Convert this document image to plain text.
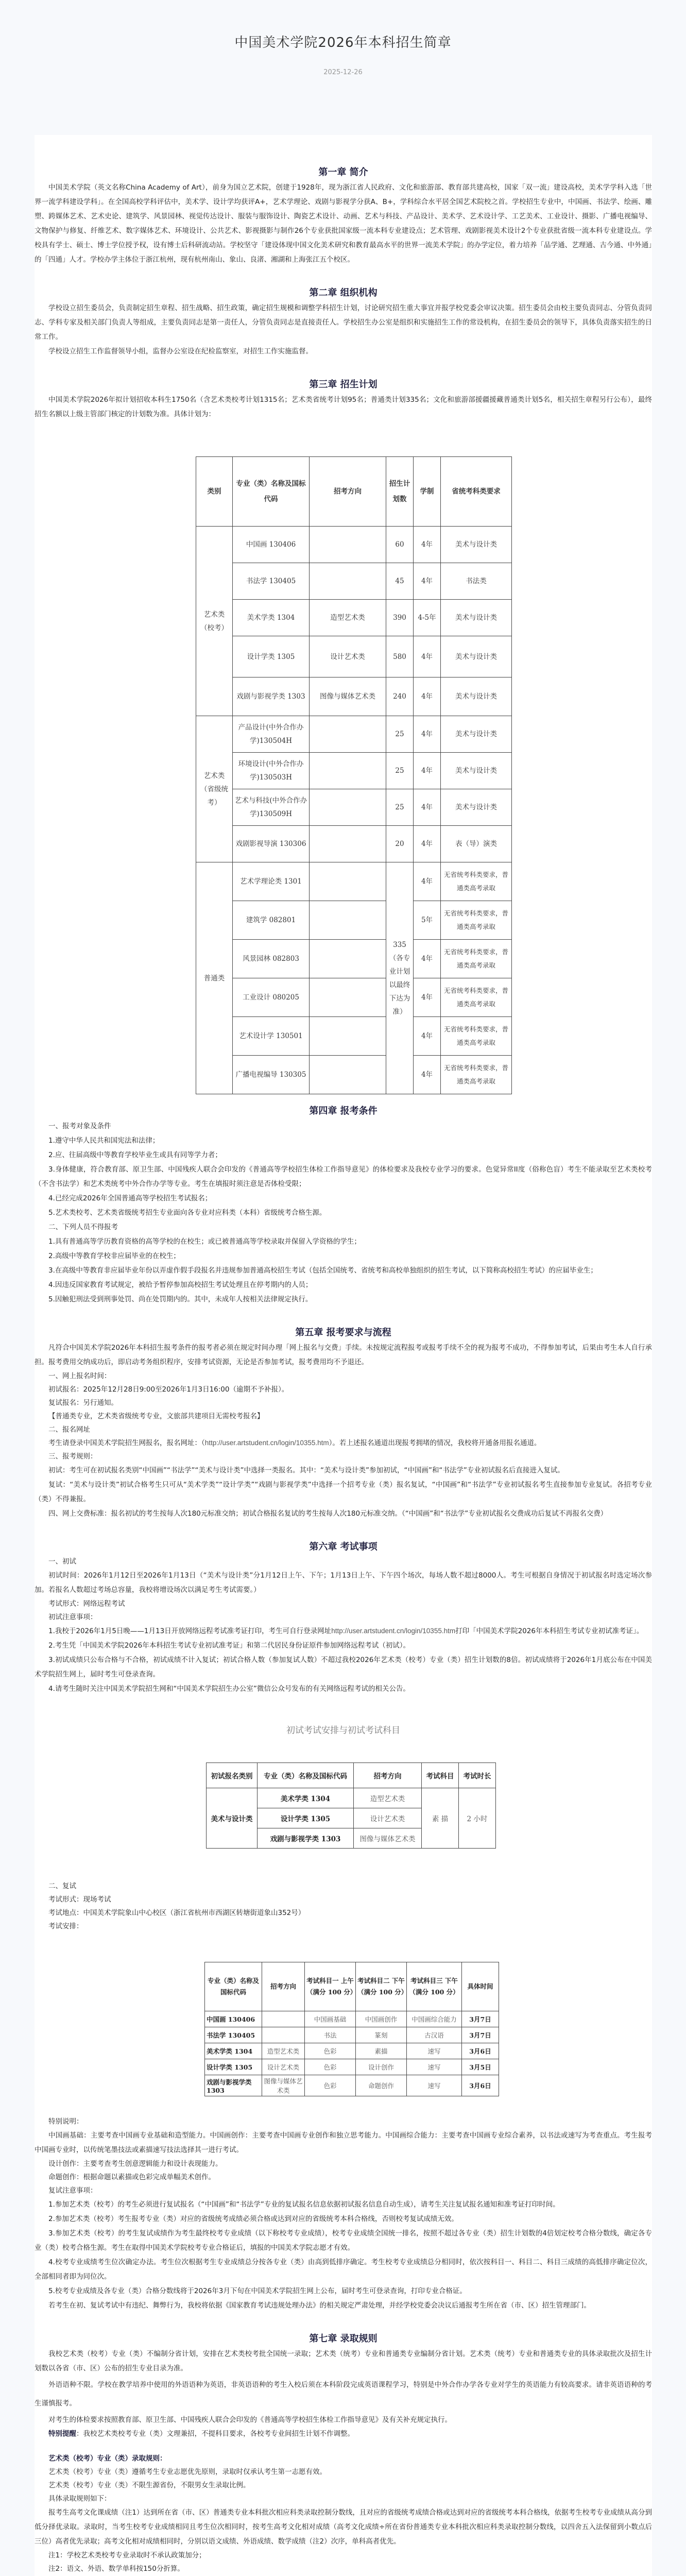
中国美术学院2026年本科招生简章
2025-12-26
第一章 简介

中国美术学院（英文名称China Academy of Art），前身为国立艺术院，创建于1928年，现为浙江省人民政府、文化和旅游部、教育部共建高校，国家「双一流」建设高校，美术学学科入选「世界一流学科建设学科」。在全国高校学科评估中，美术学、设计学均获评A+，艺术学理论、戏剧与影视学分获A、B+，学科综合水平居全国艺术院校之首。学校招生专业中，中国画、书法学、绘画、雕塑、跨媒体艺术、艺术史论、建筑学、风景园林、视觉传达设计、服装与服饰设计、陶瓷艺术设计、动画、艺术与科技、产品设计、美术学、艺术设计学、工艺美术、工业设计、摄影、广播电视编导、文物保护与修复、纤维艺术、数字媒体艺术、环境设计、公共艺术、影视摄影与制作26个专业获批国家级一流本科专业建设点；艺术管理、戏剧影视美术设计2个专业获批省级一流本科专业建设点。学校具有学士、硕士、博士学位授予权，设有博士后科研流动站。学校坚守「建设体现中国文化美术研究和教育最高水平的世界一流美术学院」的办学定位，着力培养「品学通、艺理通、古今通、中外通」的「四通」人才。学校办学主体位于浙江杭州，现有杭州南山、象山、良渚、湘湖和上海张江五个校区。

第二章 组织机构

学校设立招生委员会，负责制定招生章程、招生战略、招生政策，确定招生规模和调整学科招生计划，讨论研究招生重大事宜并报学校党委会审议决策。招生委员会由校主要负责同志、分管负责同志、学科专家及相关部门负责人等组成，主要负责同志是第一责任人，分管负责同志是直接责任人。学校招生办公室是组织和实施招生工作的常设机构，在招生委员会的领导下，具体负责落实招生的日常工作。

学校设立招生工作监督领导小组，监督办公室设在纪检监察室，对招生工作实施监督。

第三章 招生计划

中国美术学院2026年拟计划招收本科生1750名（含艺术类校考计划1315名；艺术类省统考计划95名；普通类计划335名；文化和旅游部援疆援藏普通类计划5名，相关招生章程另行公布），最终招生名额以上级主管部门核定的计划数为准。具体计划为：

类别	专业（类）名称及国标代码	招考方向	招生计划数	学制	省统考科类要求
艺术类（校考）	中国画 130406		60	4年	美术与设计类
	书法学 130405		45	4年	书法类
	美术学类 1304	造型艺术类	390	4-5年	美术与设计类
	设计学类 1305	设计艺术类	580	4年	美术与设计类
	戏剧与影视学类 1303	图像与媒体艺术类	240	4年	美术与设计类
艺术类（省级统考）	产品设计(中外合作办学)130504H		25	4年	美术与设计类
	环境设计(中外合作办学)130503H		25	4年	美术与设计类
	艺术与科技(中外合作办学)130509H		25	4年	美术与设计类
	戏剧影视导演 130306		20	4年	表（导）演类
普通类	艺术学理论类 1301		335（各专业计划以最终下达为准）	4年	无省统考科类要求，普通类高考录取
	建筑学 082801			5年	无省统考科类要求，普通类高考录取
	风景园林 082803			4年	无省统考科类要求，普通类高考录取
	工业设计 080205			4年	无省统考科类要求，普通类高考录取
	艺术设计学 130501			4年	无省统考科类要求，普通类高考录取
	广播电视编导 130305			4年	无省统考科类要求，普通类高考录取
第四章 报考条件

一、报考对象及条件

1.遵守中华人民共和国宪法和法律；

2.应、往届高级中等教育学校毕业生或具有同等学力者；

3.身体健康，符合教育部、原卫生部、中国残疾人联合会印发的《普通高等学校招生体检工作指导意见》的体检要求及我校专业学习的要求。色觉异常II度（俗称色盲）考生不能录取至艺术类校考（不含书法学）和艺术类统考中外合作办学等专业。考生在填报时须注意是否体检受限；

4.已经完成2026年全国普通高等学校招生考试报名；

5.艺术类校考、艺术类省级统考招生专业面向各专业对应科类（本科）省级统考合格生源。

二、下列人员不得报考

1.具有普通高等学历教育资格的高等学校的在校生；或已被普通高等学校录取并保留入学资格的学生；

2.高级中等教育学校非应届毕业的在校生；

3.在高级中等教育非应届毕业年份以弄虚作假手段报名并违规参加普通高校招生考试（包括全国统考、省统考和高校单独组织的招生考试，以下简称高校招生考试）的应届毕业生；

4.因违反国家教育考试规定，被给予暂停参加高校招生考试处理且在停考期内的人员；

5.因触犯刑法受到刑事处罚、尚在处罚期内的。其中，未成年人按相关法律规定执行。

第五章 报考要求与流程

凡符合中国美术学院2026年本科招生报考条件的报考者必须在规定时间办理「网上报名与交费」手续。未按规定流程报考或报考手续不全的视为报考不成功，不得参加考试，后果由考生本人自行承担。报考费用交纳成功后，即启动考务组织程序，安排考试资源，无论是否参加考试，报考费用均不予退还。

一、网上报名时间：

初试报名：2025年12月28日9:00至2026年1月3日16:00（逾期不予补报）。

复试报名：另行通知。

【普通类专业，艺术类省级统考专业，文旅部共建项目无需校考报名】

二、报名网址

考生请登录中国美术学院招生网报名，报名网址：（http://user.artstudent.cn/login/10355.htm）。若上述报名通道出现报考拥堵的情况，我校将开通备用报名通道。

三、报考规则：

初试：考生可在初试报名类别“中国画”“书法学”“美术与设计类”中选择一类报名。其中：“美术与设计类”参加初试，“中国画”和“书法学”专业初试报名后直接进入复试。

复试：“美术与设计类”初试合格考生只可从“美术学类”“设计学类”“戏剧与影视学类”中选择一个招考专业（类）报名复试，“中国画”和“书法学”专业初试报名考生直接参加专业复试。各招考专业（类）不得兼报。

四、网上交费标准：报名初试的考生按每人次180元标准交纳；初试合格报名复试的考生按每人次180元标准交纳。（“中国画”和“书法学”专业初试报名交费成功后复试不再报名交费）

第六章 考试事项

一、初试

初试时间：2026年1月12日至2026年1月13日（“美术与设计类”分1月12日上午、下午；1月13日上午、下午四个场次，每场人数不超过8000人。考生可根据自身情况于初试报名时选定场次参加。若报名人数超过考场总容量，我校将增设场次以满足考生考试需要。）

考试形式：网络远程考试

初试注意事项：

1.我校于2026年1月5日晚——1月13日开放网络远程考试准考证打印，考生可自行登录网址http://user.artstudent.cn/login/10355.htm打印「中国美术学院2026年本科招生考试专业初试准考证」。

2.考生凭「中国美术学院2026年本科招生考试专业初试准考证」和第二代居民身份证原件参加网络远程考试（初试）。

3.初试成绩只公布合格与不合格，初试成绩不计入复试；初试合格人数（参加复试人数）不超过我校2026年艺术类（校考）专业（类）招生计划数的8倍。初试成绩将于2026年1月底公布在中国美术学院招生网上，届时考生可登录查询。

4.请考生随时关注中国美术学院招生网和“中国美术学院招生办公室”微信公众号发布的有关网络远程考试的相关公告。

初试考试安排与初试考试科目
初试报名类别	专业（类）名称及国标代码	招考方向	考试科目	考试时长
美术与设计类	美术学类 1304	造型艺术类	素 描	2 小时
	设计学类 1305	设计艺术类		
	戏剧与影视学类 1303	图像与媒体艺术类		

二、复试

考试形式：现场考试

考试地点：中国美术学院象山中心校区（浙江省杭州市西湖区转塘街道象山352号）

考试安排：

专业（类）名称及国标代码	招考方向	考试科目一 上午 （满分 100 分）	考试科目二 下午 （满分 100 分）	考试科目三 下午 （满分 100 分）	具体时间
中国画 130406		中国画基础	中国画创作	中国画综合能力	3月7日
书法学 130405		书法	篆刻	古汉语	3月7日
美术学类 1304	造型艺术类	色彩	素描	速写	3月6日
设计学类 1305	设计艺术类	色彩	设计创作	速写	3月5日
戏剧与影视学类 1303	图像与媒体艺术类	色彩	命题创作	速写	3月6日

特别说明：

中国画基础：主要考查中国画专业基础和造型能力。中国画创作：主要考查中国画专业创作和独立思考能力。中国画综合能力：主要考查中国画专业综合素养，以书法或速写为考查重点。考生报考中国画专业时，以传统笔墨技法或素描速写技法选择其一进行考试。

设计创作：主要考查考生创意逻辑能力和设计表现能力。

命题创作：根据命题以素描或色彩完成单幅美术创作。

复试注意事项：

1.参加艺术类（校考）的考生必须进行复试报名（“中国画”和“书法学”专业的复试报名信息依据初试报名信息自动生成），请考生关注复试报名通知和准考证打印时间。

2.参加艺术类（校考）考生报考专业（类）对应的省级统考成绩必须合格或达到对应的省级统考本科合格线，否则校考复试成绩无效。

3.参加艺术类（校考）的考生复试成绩作为考生最终校考专业成绩（以下称校考专业成绩），校考专业成绩全国统一排名，按照不超过各专业（类）招生计划数的4倍划定校考合格分数线，确定各专业（类）校考合格生源。考生在取得中国美术学院校考专业合格证后，填报的中国美术学院志愿才有效。

4.校考专业成绩考生位次确定办法。考生位次根据考生专业成绩总分按各专业（类）由高到低排序确定。考生校考专业成绩总分相同时，依次按科目一、科目二、科目三成绩的高低排序确定位次，全部相同者即为同位次。

5.校考专业成绩及各专业（类）合格分数线将于2026年3月下旬在中国美术学院招生网上公布，届时考生可登录查询，打印专业合格证。

若考生在初、复试考试中有违纪、舞弊行为，我校将依据《国家教育考试违规处理办法》的相关规定严肃处理，并经学校党委会决议后通报考生所在省（市、区）招生管理部门。

第七章 录取规则

我校艺术类（校考）专业（类）不编制分省计划，安排在艺术类校考批全国统一录取；艺术类（统考）专业和普通类专业编制分省计划。艺术类（统考）专业和普通类专业的具体录取批次及招生计划数以各省（市、区）公布的招生专业目录为准。

外语语种不限。学校在教学培养中使用的外语语种为英语，非英语语种的考生入校后须在本科阶段完成英语课程学习，特别是中外合作办学各专业对学生的英语能力有较高要求。请非英语语种的考生谨慎报考。

对考生的体检要求按照教育部、原卫生部、中国残疾人联合会印发的《普通高等学校招生体检工作指导意见》及有关补充规定执行。

特别提醒：我校艺术类校考专业（类）文理兼招，不提科目要求，各校考专业间招生计划不作调整。

艺术类（校考）专业（类）录取规则：

艺术类（校考）专业（类）遵循考生专业志愿优先原则，录取时仅承认考生第一志愿有效。

艺术类（校考）专业（类）不限生源省份，不限男女生录取比例。

具体录取规则如下：

报考生高考文化课成绩（注1）达到所在省（市、区）普通类专业本科批次相应科类录取控制分数线，且对应的省级统考成绩合格或达到对应的省级统考本科合格线，依据考生校考专业成绩从高分到低分择优录取。录取时，当考生校考专业成绩相同且考生位次相同时，按考生高考文化相对成绩（高考文化成绩÷所在省份普通类专业本科批次相应科类录取控制分数线，以四舍五入法保留到小数点后三位）高者优先录取；高考文化相对成绩相同时，分别以语文成绩、外语成绩、数学成绩（注2）次序，单科高者优先。

注1：学校艺术类校考专业录取时不承认政策加分；

注2：语文、外语、数学单科按150分折算。
